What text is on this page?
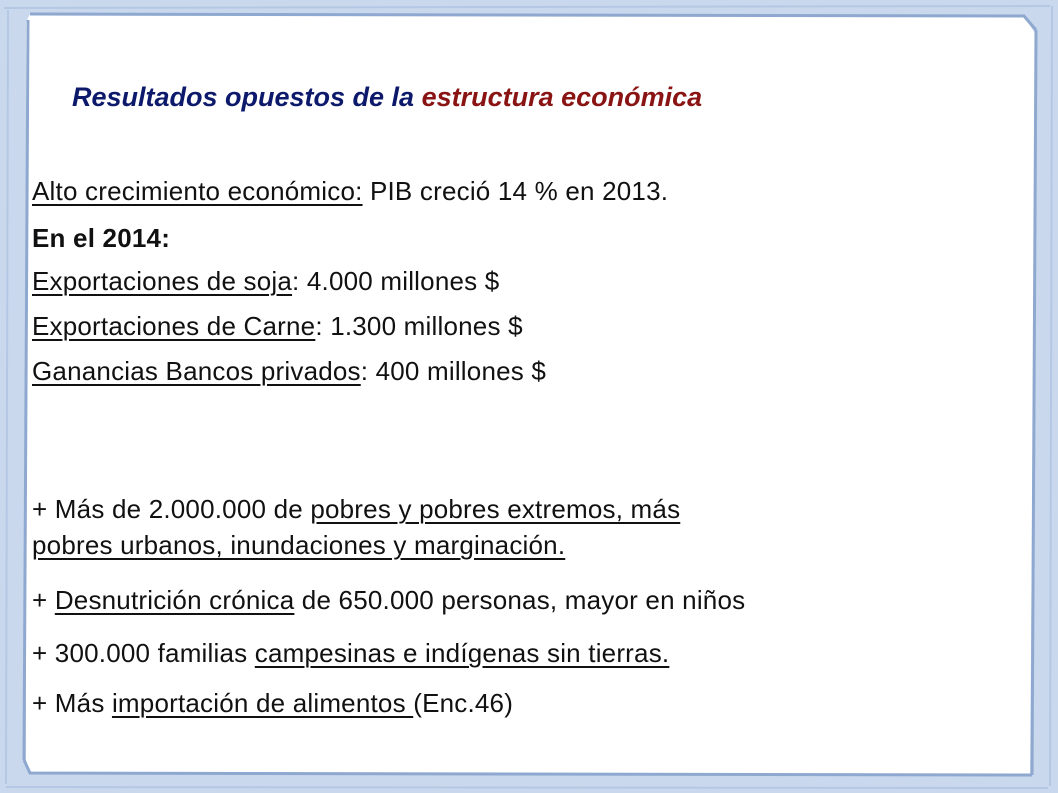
Resultados opuestos de la estructura económica
Alto crecimiento económico: PIB creció 14 % en 2013.
En el 2014:
Exportaciones de soja: 4.000 millones $
Exportaciones de Carne: 1.300 millones $
Ganancias Bancos privados: 400 millones $
+ Más de 2.000.000 de pobres y pobres extremos, más
pobres urbanos, inundaciones y marginación.
+ Desnutrición crónica de 650.000 personas, mayor en niños
+ 300.000 familias campesinas e indígenas sin tierras.
+ Más importación de alimentos (Enc.46)
